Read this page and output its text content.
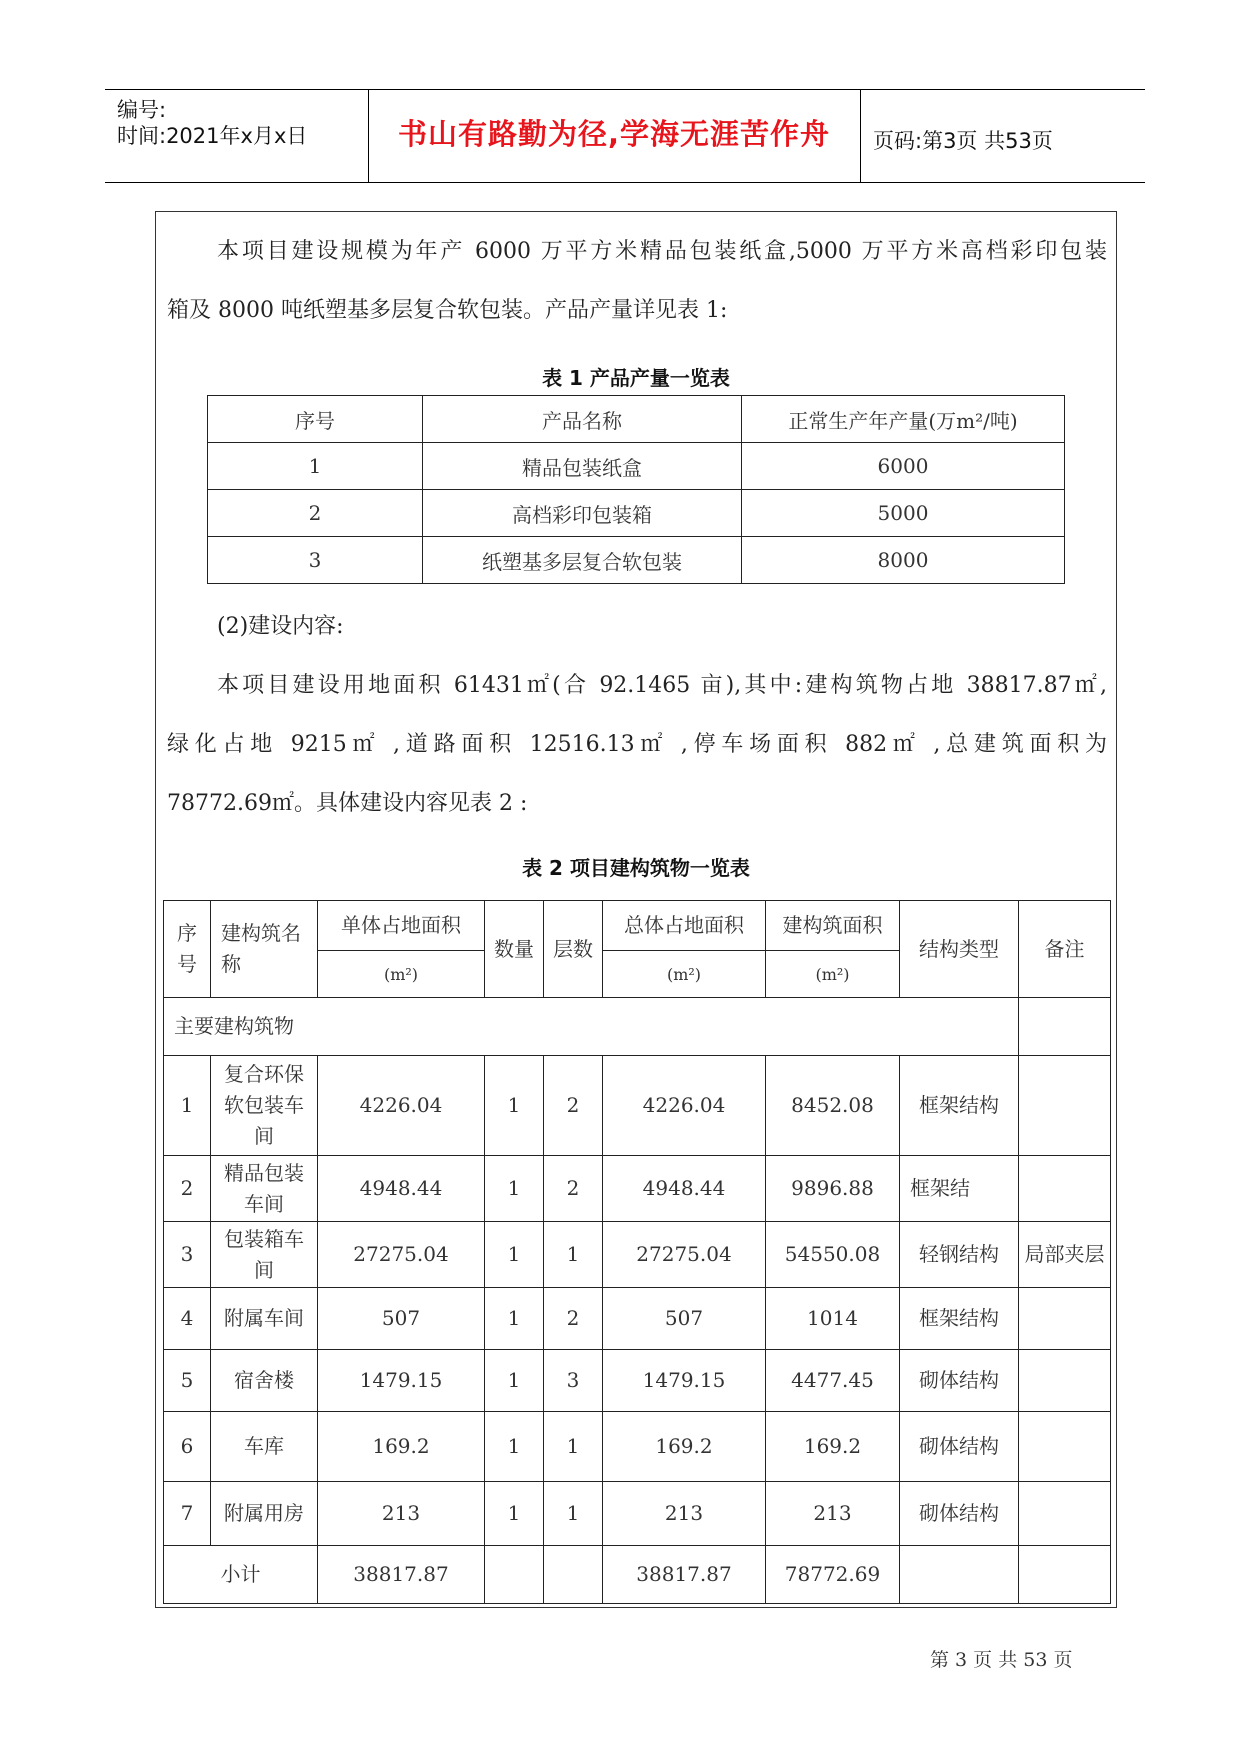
编号:
时间:2021年x月x日	书山有路勤为径,学海无涯苦作舟	页码:第3页 共53页
本项目建设规模为年产 6000 万平方米精品包装纸盒,5000 万平方米高档彩印包装
箱及 8000 吨纸塑基多层复合软包装。产品产量详见表 1:
表 1 产品产量一览表
序号	产品名称	正常生产年产量(万m²/吨)
1	精品包装纸盒	6000
2	高档彩印包装箱	5000
3	纸塑基多层复合软包装	8000
(2)建设内容:
本项目建设用地面积 61431㎡(合 92.1465 亩),其中:建构筑物占地 38817.87㎡,
绿化占地 9215㎡ ,道路面积 12516.13㎡ ,停车场面积 882㎡ ,总建筑面积为
78772.69㎡。具体建设内容见表 2 :
表 2 项目建构筑物一览表
序号	建构筑名称	单体占地面积	数量	层数	总体占地面积	建构筑面积	结构类型	备注
		(m²)			(m²)	(m²)		
主要建构筑物								
1	复合环保软包装车间	4226.04	1	2	4226.04	8452.08	框架结构	
2	精品包装车间	4948.44	1	2	4948.44	9896.88	框架结	
3	包装箱车间	27275.04	1	1	27275.04	54550.08	轻钢结构	局部夹层
4	附属车间	507	1	2	507	1014	框架结构	
5	宿舍楼	1479.15	1	3	1479.15	4477.45	砌体结构	
6	车库	169.2	1	1	169.2	169.2	砌体结构	
7	附属用房	213	1	1	213	213	砌体结构	
小计		38817.87			38817.87	78772.69		
第 3 页 共 53 页
